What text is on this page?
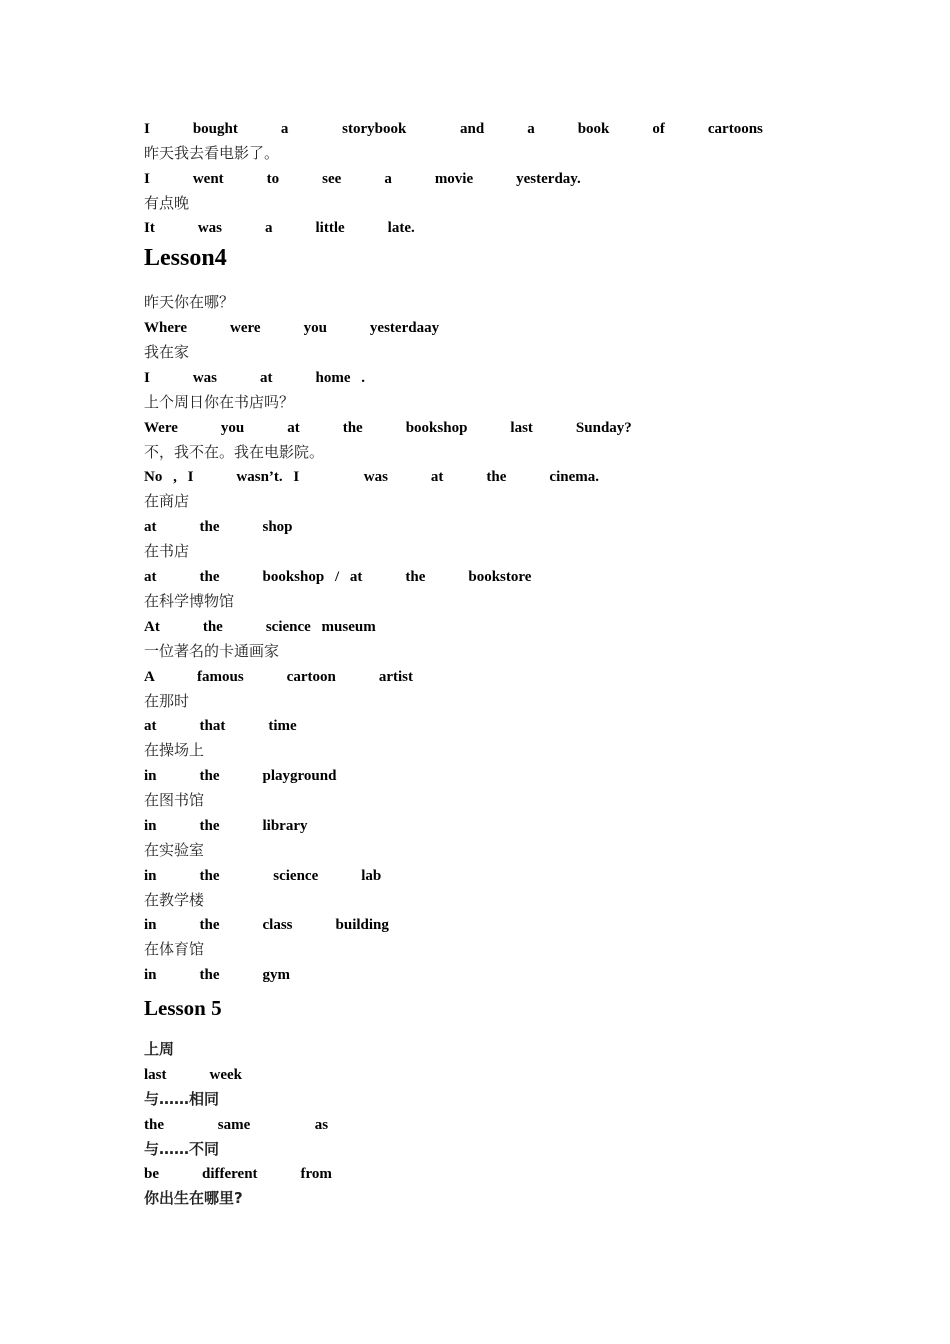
I    bought    a     storybook     and    a    book    of    cartoons
昨天我去看电影了。
I    went    to    see    a    movie    yesterday.
有点晚
It    was    a    little    late.
Lesson4
昨天你在哪？
Where    were    you    yesterdaay
我在家
I    was    at    home .
上个周日你在书店吗？
Were    you    at    the    bookshop    last    Sunday?
不，我不在。我在电影院。
No , I    wasn’t. I      was    at    the    cinema.
在商店
at    the    shop
在书店
at    the    bookshop / at    the    bookstore
在科学博物馆
At    the    science museum
一位著名的卡通画家
A    famous    cartoon    artist
在那时
at    that    time
在操场上
in    the    playground
在图书馆
in    the    library
在实验室
in    the     science    lab
在教学楼
in    the    class    building
在体育馆
in    the    gym
Lesson 5
上周
last    week
与……相同
the     same      as
与……不同
be    different    from
你出生在哪里?
